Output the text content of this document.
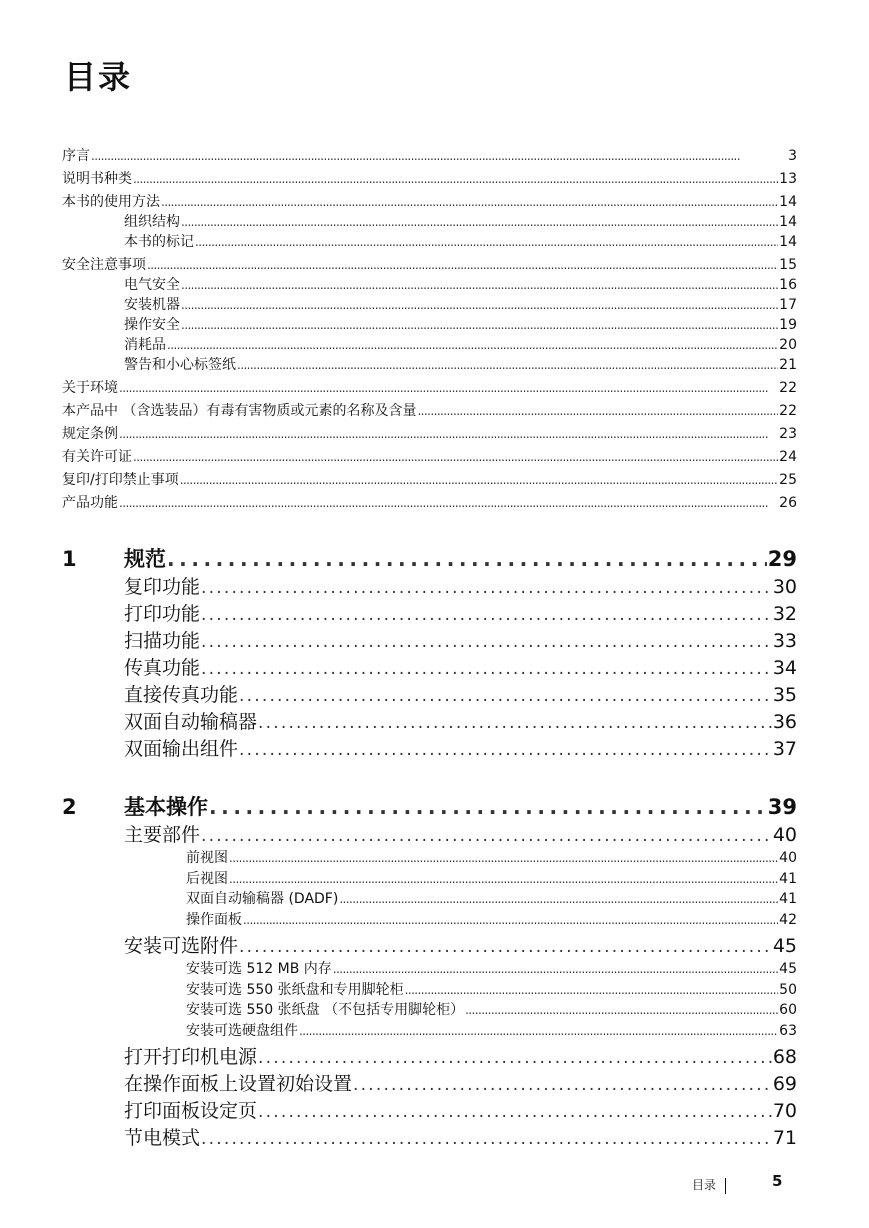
目录
序言 . . .	3
说明书种类 . . .	13
本书的使用方法 . . .	14
组织结构 . . .	14
本书的标记 . . .	14
安全注意事项 . . .	15
电气安全 . . .	16
安装机器 . . .	17
操作安全 . . .	19
消耗品 . . .	20
警告和小心标签纸 . . .	21
关于环境 . . .	22
本产品中 （含选装品）有毒有害物质或元素的名称及含量 . . .	22
规定条例 . . .	23
有关许可证 . . .	24
复印/打印禁止事项 . . .	25
产品功能 . . .	26
1 规范 . . .	29
复印功能 . . .	30
打印功能 . . .	32
扫描功能 . . .	33
传真功能 . . .	34
直接传真功能 . . .	35
双面自动输稿器 . . .	36
双面输出组件 . . .	37
2 基本操作 . . .	39
主要部件 . . .	40
前视图 . . .	40
后视图 . . .	41
双面自动输稿器 (DADF) . . .	41
操作面板 . . .	42
安装可选附件 . . .	45
安装可选 512 MB 内存 . . .	45
安装可选 550 张纸盘和专用脚轮柜 . . .	50
安装可选 550 张纸盘 （不包括专用脚轮柜） . . .	60
安装可选硬盘组件 . . .	63
打开打印机电源 . . .	68
在操作面板上设置初始设置 . . .	69
打印面板设定页 . . .	70
节电模式 . . .	71
目录	5
